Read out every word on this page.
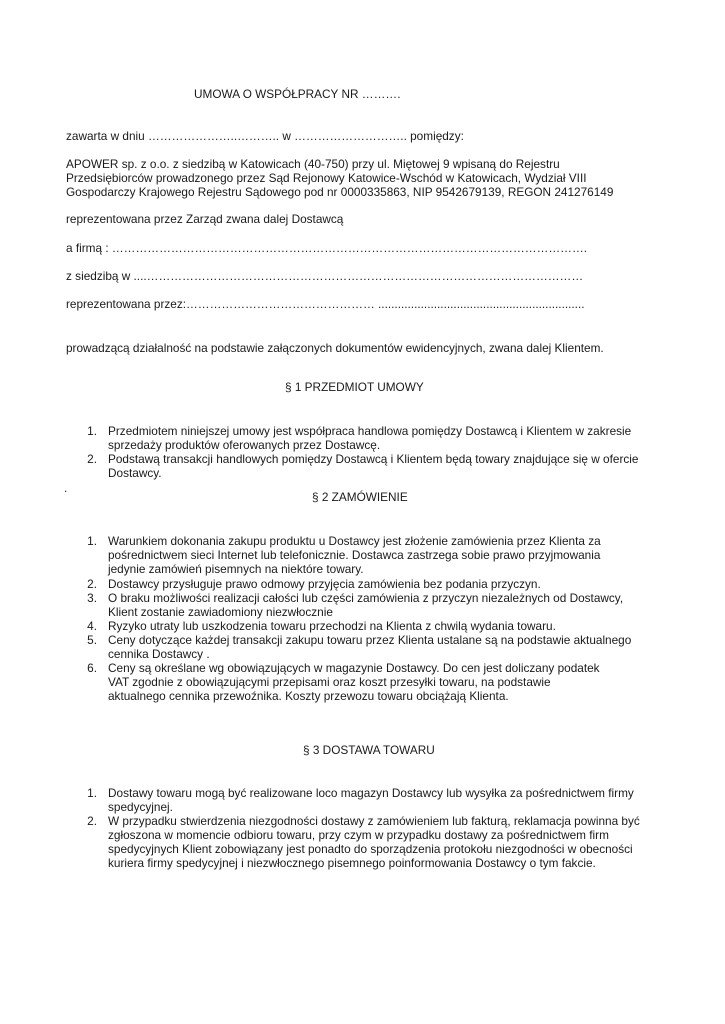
UMOWA O WSPÓŁPRACY NR ……….
zawarta w dniu …………………..……….. w ……………………….. pomiędzy:
APOWER sp. z o.o. z siedzibą w Katowicach (40-750) przy ul. Miętowej 9 wpisaną do Rejestru
Przedsiębiorców prowadzonego przez Sąd Rejonowy Katowice-Wschód w Katowicach, Wydział VIII
Gospodarczy Krajowego Rejestru Sądowego pod nr 0000335863, NIP 9542679139, REGON 241276149
reprezentowana przez Zarząd zwana dalej Dostawcą
a firmą : ………………………………………………………………………………………………………….
z siedzibą w ....…………………………………………………………………………………………………
reprezentowana przez:………………………………………… ...............................................................
prowadzącą działalność na podstawie załączonych dokumentów ewidencyjnych, zwana dalej Klientem.
§ 1 PRZEDMIOT UMOWY
1. Przedmiotem niniejszej umowy jest współpraca handlowa pomiędzy Dostawcą i Klientem w zakresie
sprzedaży produktów oferowanych przez Dostawcę.
2. Podstawą transakcji handlowych pomiędzy Dostawcą i Klientem będą towary znajdujące się w ofercie
Dostawcy.
.
§ 2 ZAMÓWIENIE
1. Warunkiem dokonania zakupu produktu u Dostawcy jest złożenie zamówienia przez Klienta za
pośrednictwem sieci Internet lub telefonicznie. Dostawca zastrzega sobie prawo przyjmowania
jedynie zamówień pisemnych na niektóre towary.
2. Dostawcy przysługuje prawo odmowy przyjęcia zamówienia bez podania przyczyn.
3. O braku możliwości realizacji całości lub części zamówienia z przyczyn niezależnych od Dostawcy,
Klient zostanie zawiadomiony niezwłocznie
4. Ryzyko utraty lub uszkodzenia towaru przechodzi na Klienta z chwilą wydania towaru.
5. Ceny dotyczące każdej transakcji zakupu towaru przez Klienta ustalane są na podstawie aktualnego
cennika Dostawcy .
6. Ceny są określane wg obowiązujących w magazynie Dostawcy. Do cen jest doliczany podatek
VAT zgodnie z obowiązującymi przepisami oraz koszt przesyłki towaru, na podstawie
aktualnego cennika przewoźnika. Koszty przewozu towaru obciążają Klienta.
§ 3 DOSTAWA TOWARU
1. Dostawy towaru mogą być realizowane loco magazyn Dostawcy lub wysyłka za pośrednictwem firmy
spedycyjnej.
2. W przypadku stwierdzenia niezgodności dostawy z zamówieniem lub fakturą, reklamacja powinna być
zgłoszona w momencie odbioru towaru, przy czym w przypadku dostawy za pośrednictwem firm
spedycyjnych Klient zobowiązany jest ponadto do sporządzenia protokołu niezgodności w obecności
kuriera firmy spedycyjnej i niezwłocznego pisemnego poinformowania Dostawcy o tym fakcie.
